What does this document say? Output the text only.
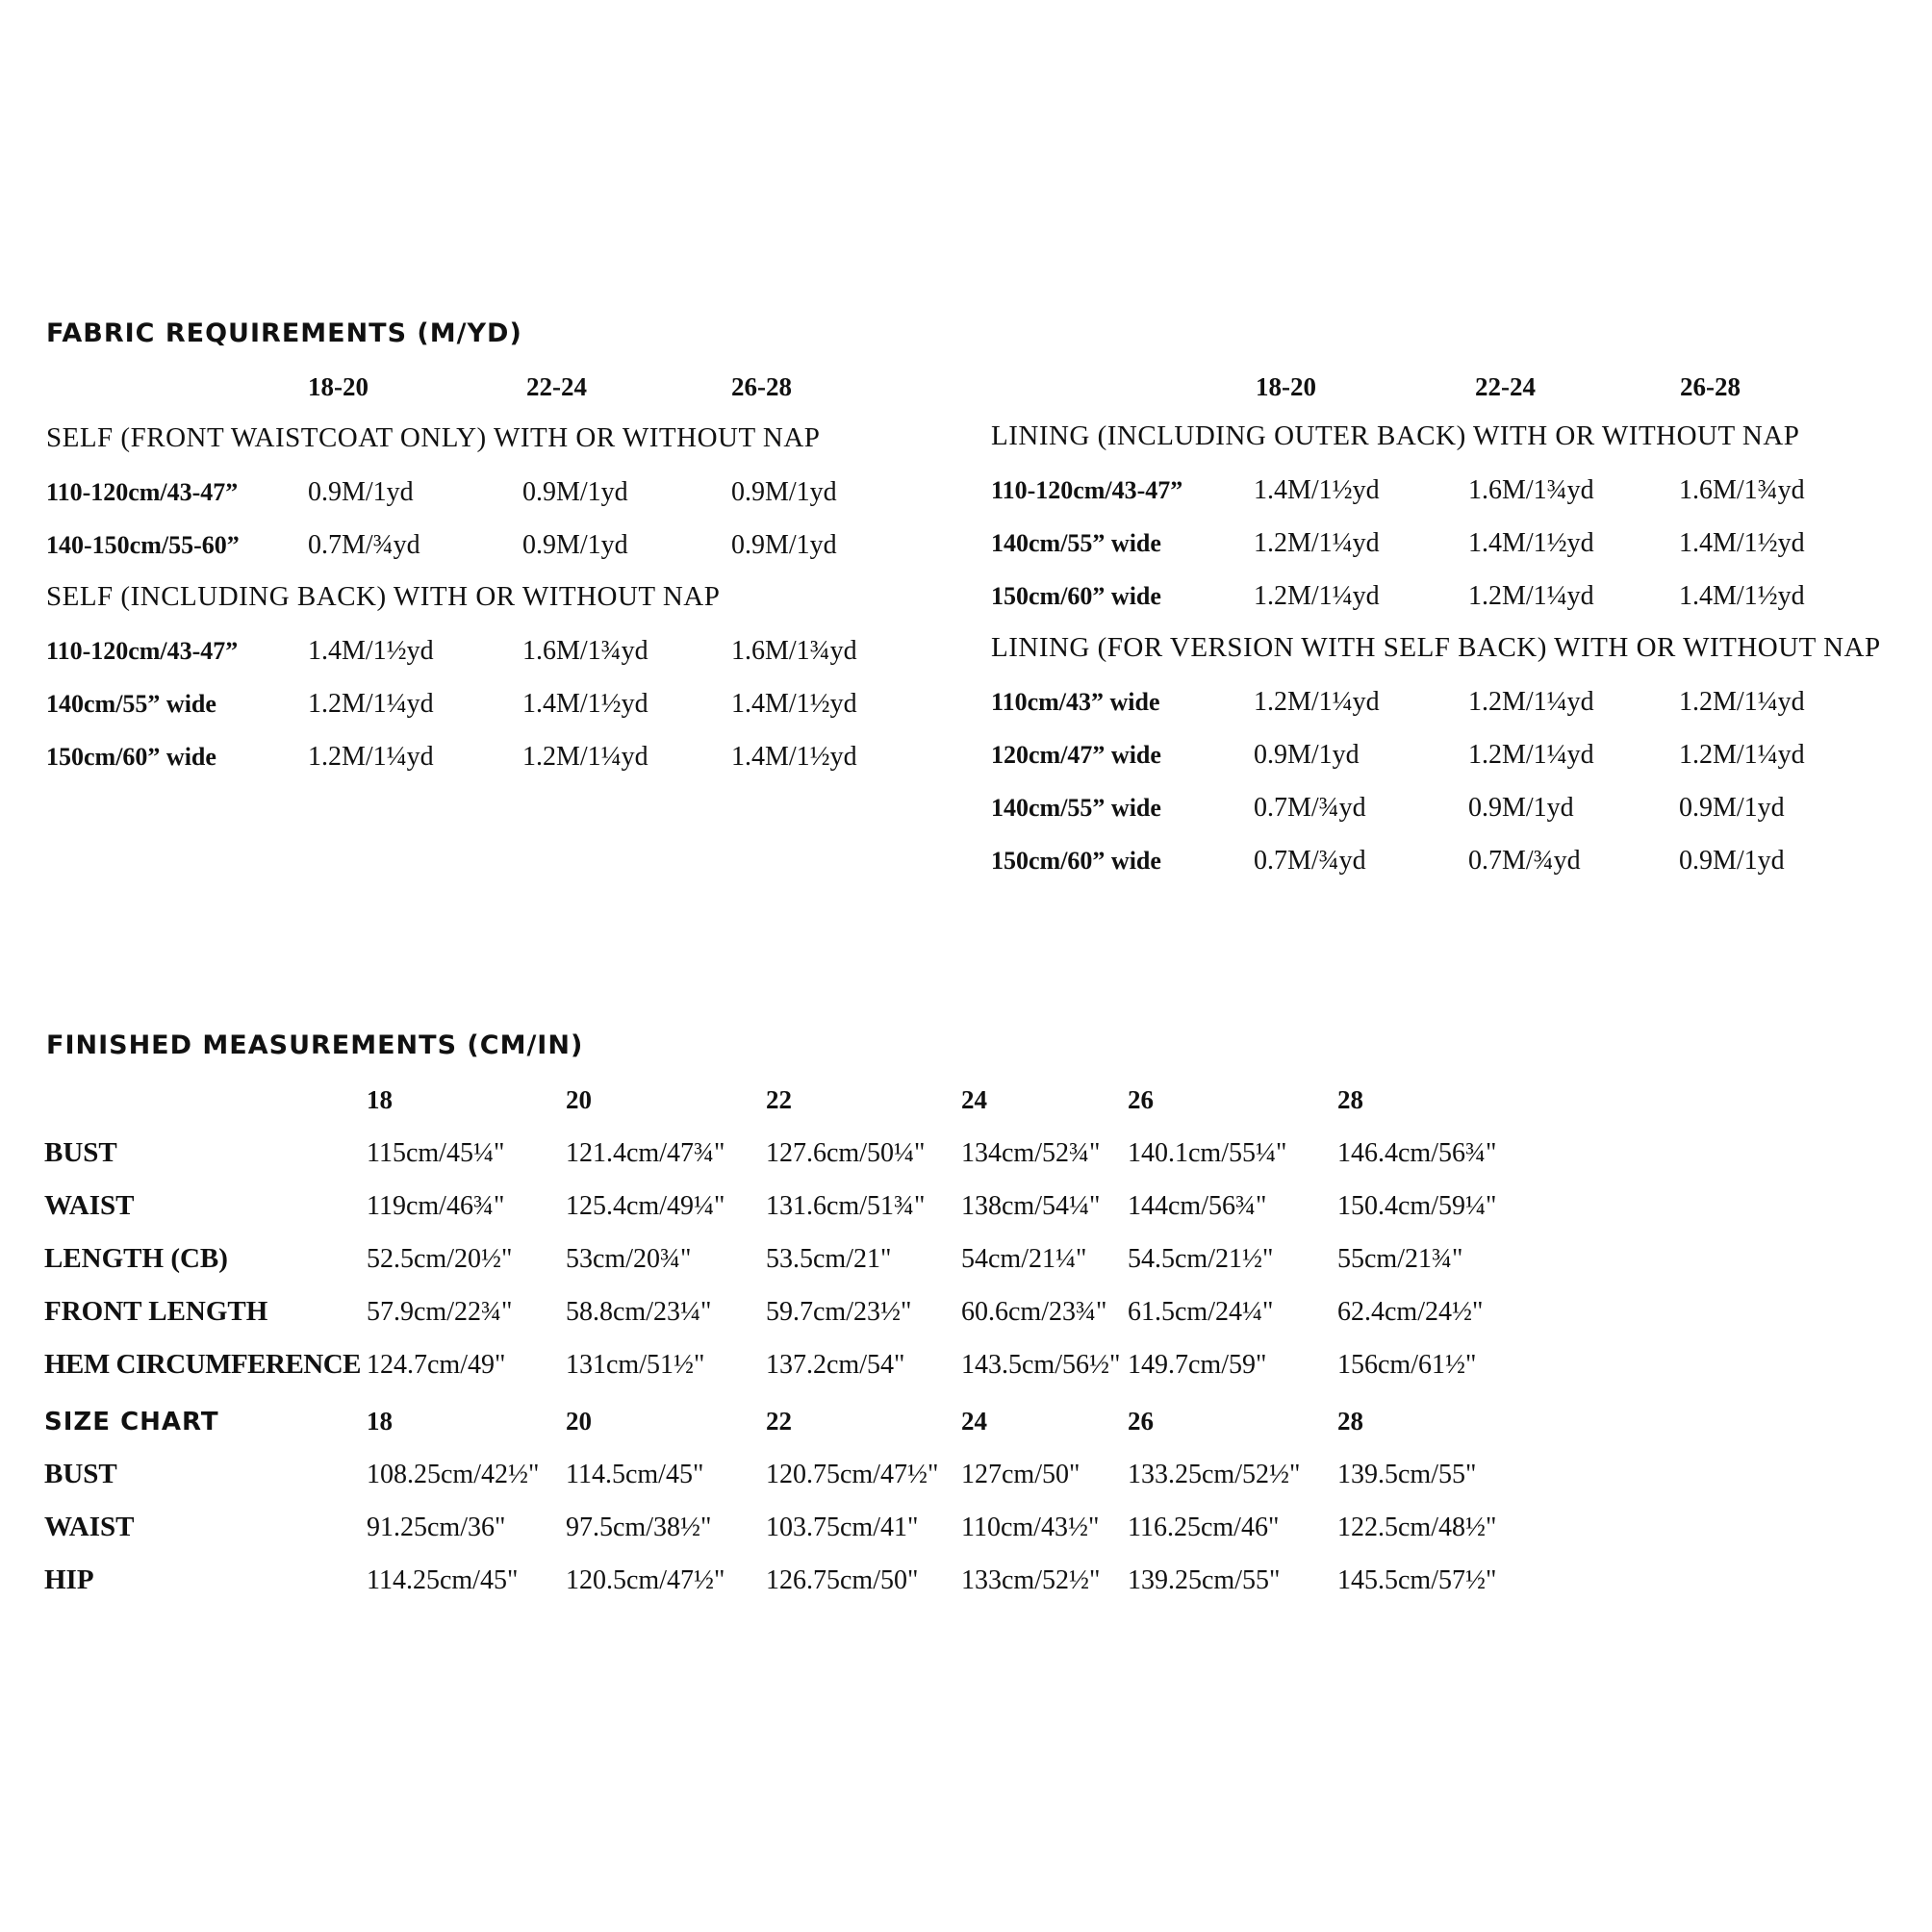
FABRIC REQUIREMENTS (M/YD)
18-20	22-24	26-28
SELF (FRONT WAISTCOAT ONLY) WITH OR WITHOUT NAP
110-120cm/43-47”	0.9M/1yd	0.9M/1yd	0.9M/1yd
140-150cm/55-60”	0.7M/¾yd	0.9M/1yd	0.9M/1yd
SELF (INCLUDING BACK) WITH OR WITHOUT NAP
110-120cm/43-47”	1.4M/1½yd	1.6M/1¾yd	1.6M/1¾yd
140cm/55” wide	1.2M/1¼yd	1.4M/1½yd	1.4M/1½yd
150cm/60” wide	1.2M/1¼yd	1.2M/1¼yd	1.4M/1½yd
18-20	22-24	26-28
LINING (INCLUDING OUTER BACK) WITH OR WITHOUT NAP
110-120cm/43-47”	1.4M/1½yd	1.6M/1¾yd	1.6M/1¾yd
140cm/55” wide	1.2M/1¼yd	1.4M/1½yd	1.4M/1½yd
150cm/60” wide	1.2M/1¼yd	1.2M/1¼yd	1.4M/1½yd
LINING (FOR VERSION WITH SELF BACK) WITH OR WITHOUT NAP
110cm/43” wide	1.2M/1¼yd	1.2M/1¼yd	1.2M/1¼yd
120cm/47” wide	0.9M/1yd	1.2M/1¼yd	1.2M/1¼yd
140cm/55” wide	0.7M/¾yd	0.9M/1yd	0.9M/1yd
150cm/60” wide	0.7M/¾yd	0.7M/¾yd	0.9M/1yd
FINISHED MEASUREMENTS (CM/IN)
18	20	22	24	26	28
BUST	115cm/45¼" 121.4cm/47¾" 127.6cm/50¼" 134cm/52¾" 140.1cm/55¼" 146.4cm/56¾"
WAIST	119cm/46¾" 125.4cm/49¼" 131.6cm/51¾" 138cm/54¼" 144cm/56¾"	150.4cm/59¼"
LENGTH (CB)	52.5cm/20½" 53cm/20¾"	53.5cm/21"	54cm/21¼" 54.5cm/21½" 55cm/21¾"
FRONT LENGTH	57.9cm/22¾" 58.8cm/23¼" 59.7cm/23½" 60.6cm/23¾" 61.5cm/24¼" 62.4cm/24½"
HEM CIRCUMFERENCE 124.7cm/49" 131cm/51½" 137.2cm/54" 143.5cm/56½" 149.7cm/59"	156cm/61½"
SIZE CHART	18	20	22	24	26	28
BUST	108.25cm/42½" 114.5cm/45" 120.75cm/47½" 127cm/50" 133.25cm/52½" 139.5cm/55"
WAIST	91.25cm/36" 97.5cm/38½" 103.75cm/41" 110cm/43½" 116.25cm/46" 122.5cm/48½"
HIP	114.25cm/45" 120.5cm/47½" 126.75cm/50" 133cm/52½" 139.25cm/55" 145.5cm/57½"
